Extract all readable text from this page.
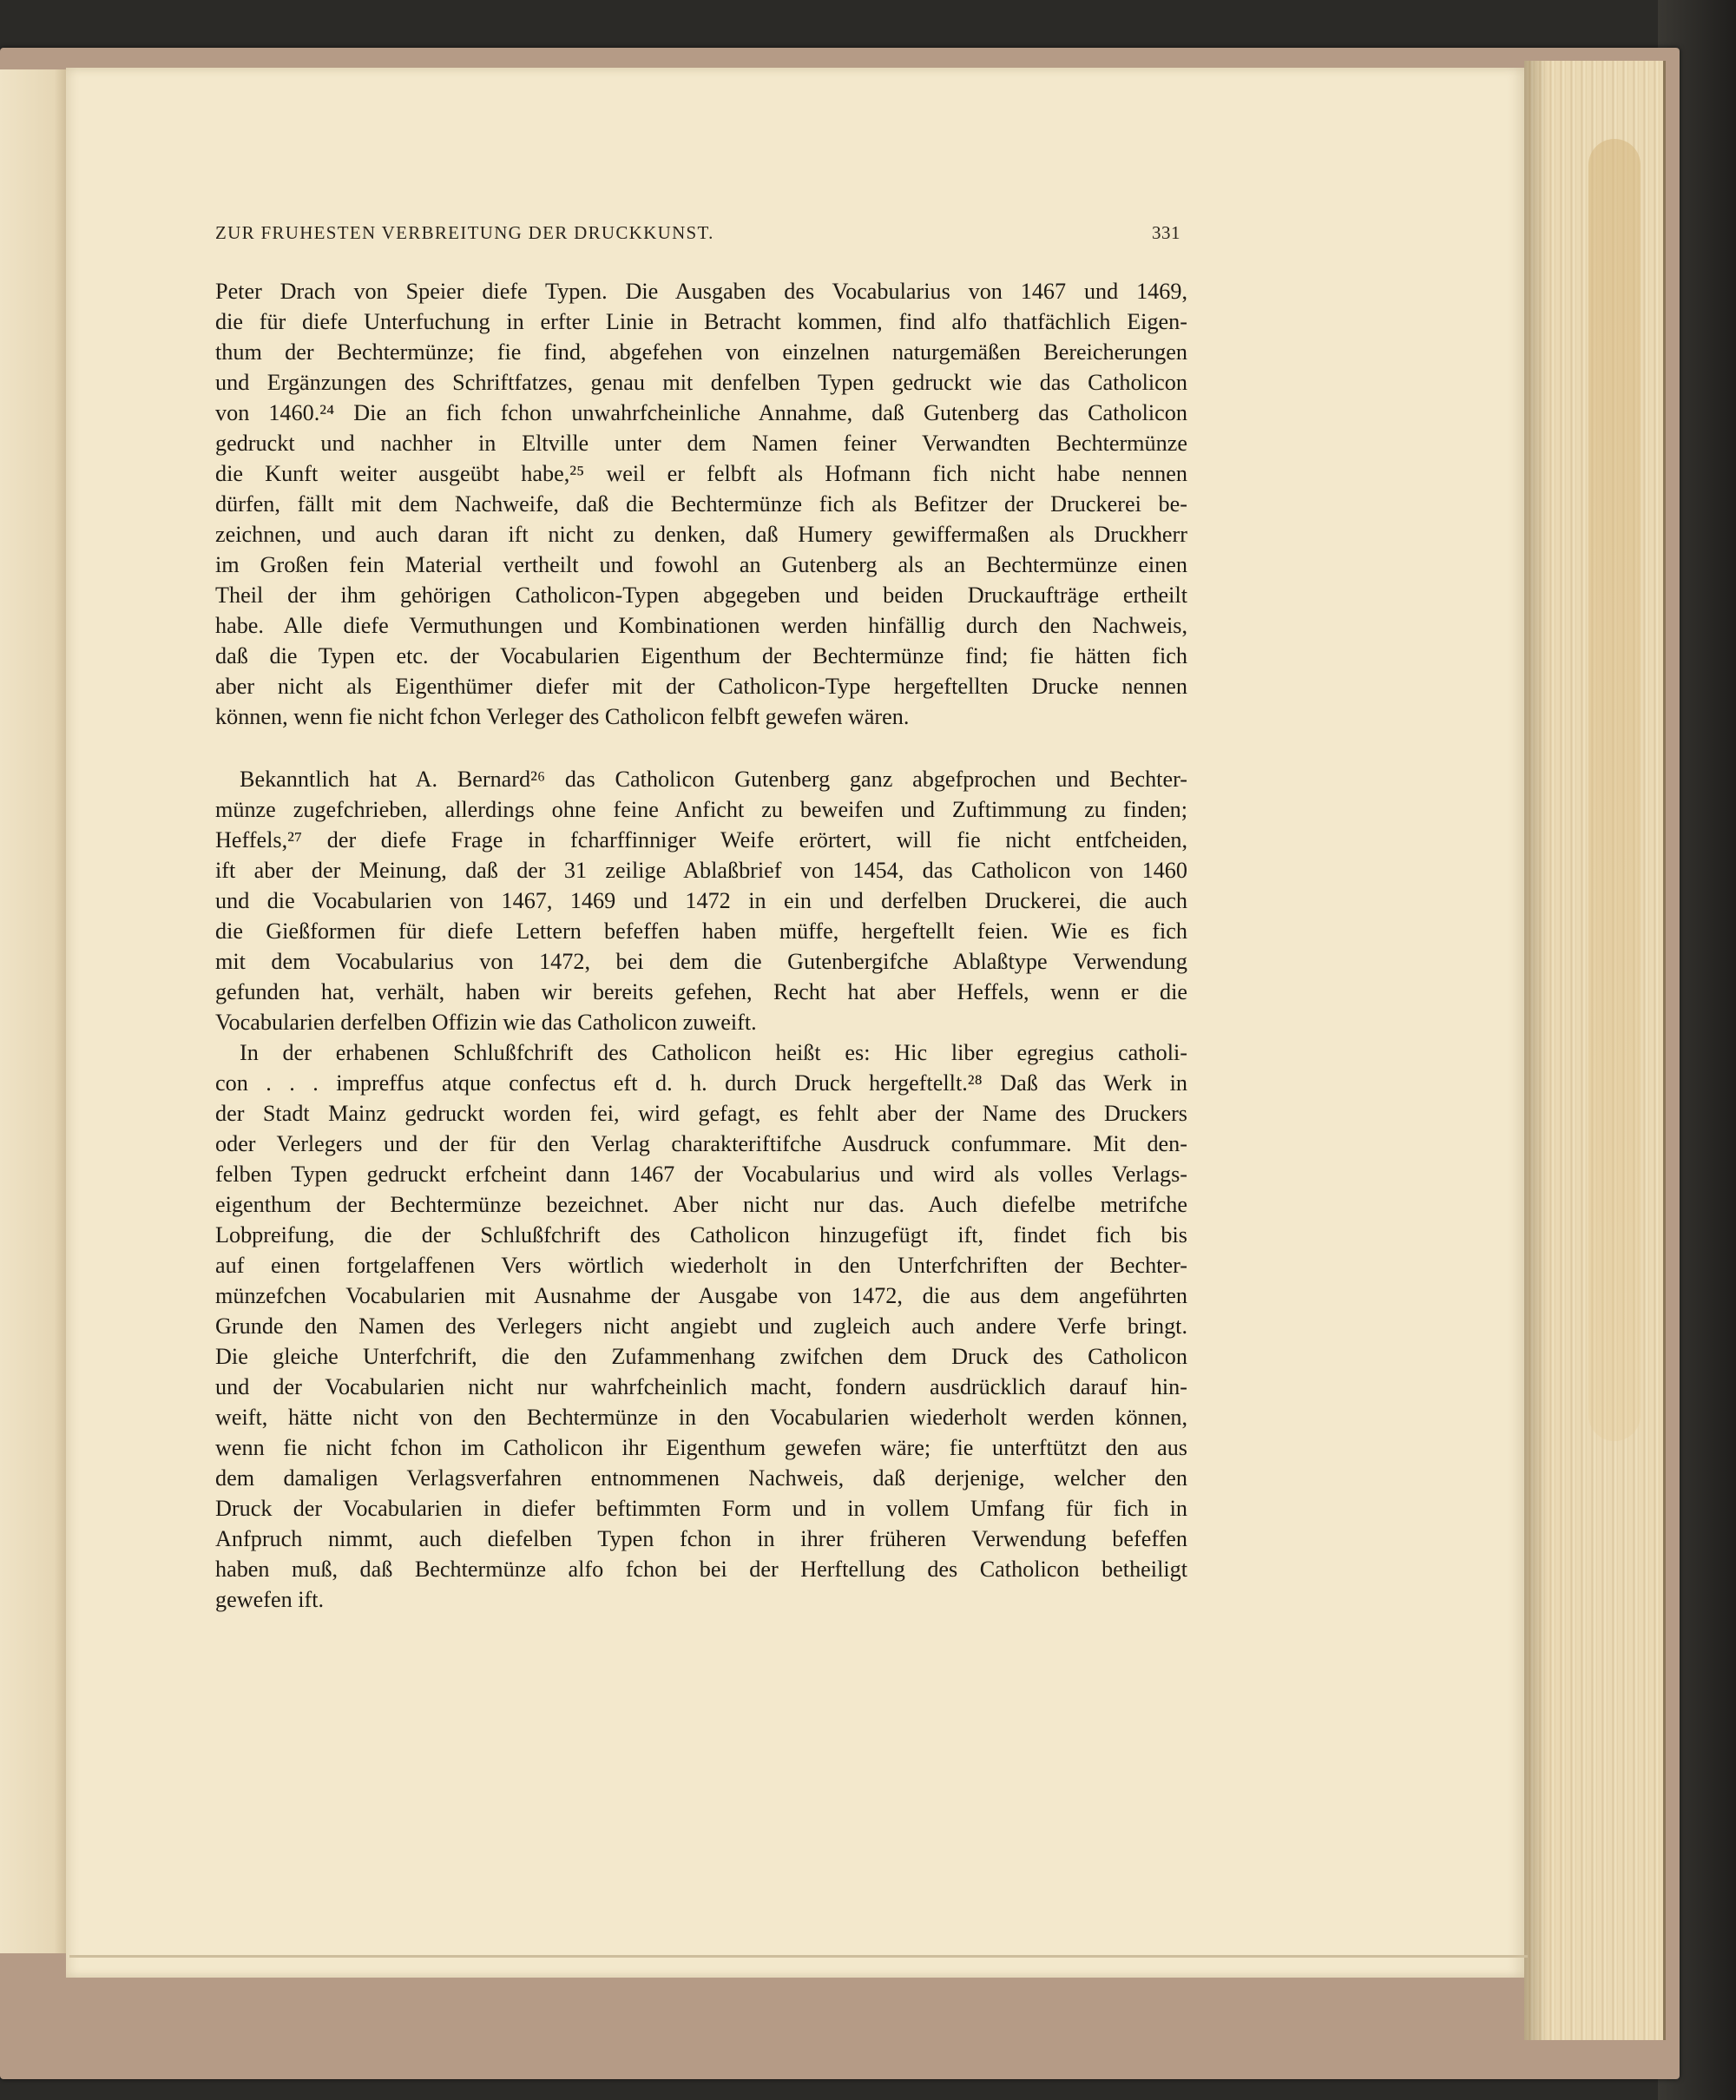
ZUR FRUHESTEN VERBREITUNG DER DRUCKKUNST.	331
Peter Drach von Speier diefe Typen. Die Ausgaben des Vocabularius von 1467 und 1469,
die für diefe Unterfuchung in erfter Linie in Betracht kommen, find alfo thatfächlich Eigen-
thum der Bechtermünze; fie find, abgefehen von einzelnen naturgemäßen Bereicherungen
und Ergänzungen des Schriftfatzes, genau mit denfelben Typen gedruckt wie das Catholicon
von 1460.²⁴ Die an fich fchon unwahrfcheinliche Annahme, daß Gutenberg das Catholicon
gedruckt und nachher in Eltville unter dem Namen feiner Verwandten Bechtermünze
die Kunft weiter ausgeübt habe,²⁵ weil er felbft als Hofmann fich nicht habe nennen
dürfen, fällt mit dem Nachweife, daß die Bechtermünze fich als Befitzer der Druckerei be-
zeichnen, und auch daran ift nicht zu denken, daß Humery gewiffermaßen als Druckherr
im Großen fein Material vertheilt und fowohl an Gutenberg als an Bechtermünze einen
Theil der ihm gehörigen Catholicon-Typen abgegeben und beiden Druckaufträge ertheilt
habe. Alle diefe Vermuthungen und Kombinationen werden hinfällig durch den Nachweis,
daß die Typen etc. der Vocabularien Eigenthum der Bechtermünze find; fie hätten fich
aber nicht als Eigenthümer diefer mit der Catholicon-Type hergeftellten Drucke nennen
können, wenn fie nicht fchon Verleger des Catholicon felbft gewefen wären.
Bekanntlich hat A. Bernard²⁶ das Catholicon Gutenberg ganz abgefprochen und Bechter-
münze zugefchrieben, allerdings ohne feine Anficht zu beweifen und Zuftimmung zu finden;
Heffels,²⁷ der diefe Frage in fcharffinniger Weife erörtert, will fie nicht entfcheiden,
ift aber der Meinung, daß der 31 zeilige Ablaßbrief von 1454, das Catholicon von 1460
und die Vocabularien von 1467, 1469 und 1472 in ein und derfelben Druckerei, die auch
die Gießformen für diefe Lettern befeffen haben müffe, hergeftellt feien. Wie es fich
mit dem Vocabularius von 1472, bei dem die Gutenbergifche Ablaßtype Verwendung
gefunden hat, verhält, haben wir bereits gefehen, Recht hat aber Heffels, wenn er die
Vocabularien derfelben Offizin wie das Catholicon zuweift.
In der erhabenen Schlußfchrift des Catholicon heißt es: Hic liber egregius catholi-
con . . . impreffus atque confectus eft d. h. durch Druck hergeftellt.²⁸ Daß das Werk in
der Stadt Mainz gedruckt worden fei, wird gefagt, es fehlt aber der Name des Druckers
oder Verlegers und der für den Verlag charakteriftifche Ausdruck confummare. Mit den-
felben Typen gedruckt erfcheint dann 1467 der Vocabularius und wird als volles Verlags-
eigenthum der Bechtermünze bezeichnet. Aber nicht nur das. Auch diefelbe metrifche
Lobpreifung, die der Schlußfchrift des Catholicon hinzugefügt ift, findet fich bis
auf einen fortgelaffenen Vers wörtlich wiederholt in den Unterfchriften der Bechter-
münzefchen Vocabularien mit Ausnahme der Ausgabe von 1472, die aus dem angeführten
Grunde den Namen des Verlegers nicht angiebt und zugleich auch andere Verfe bringt.
Die gleiche Unterfchrift, die den Zufammenhang zwifchen dem Druck des Catholicon
und der Vocabularien nicht nur wahrfcheinlich macht, fondern ausdrücklich darauf hin-
weift, hätte nicht von den Bechtermünze in den Vocabularien wiederholt werden können,
wenn fie nicht fchon im Catholicon ihr Eigenthum gewefen wäre; fie unterftützt den aus
dem damaligen Verlagsverfahren entnommenen Nachweis, daß derjenige, welcher den
Druck der Vocabularien in diefer beftimmten Form und in vollem Umfang für fich in
Anfpruch nimmt, auch diefelben Typen fchon in ihrer früheren Verwendung befeffen
haben muß, daß Bechtermünze alfo fchon bei der Herftellung des Catholicon betheiligt
gewefen ift.
